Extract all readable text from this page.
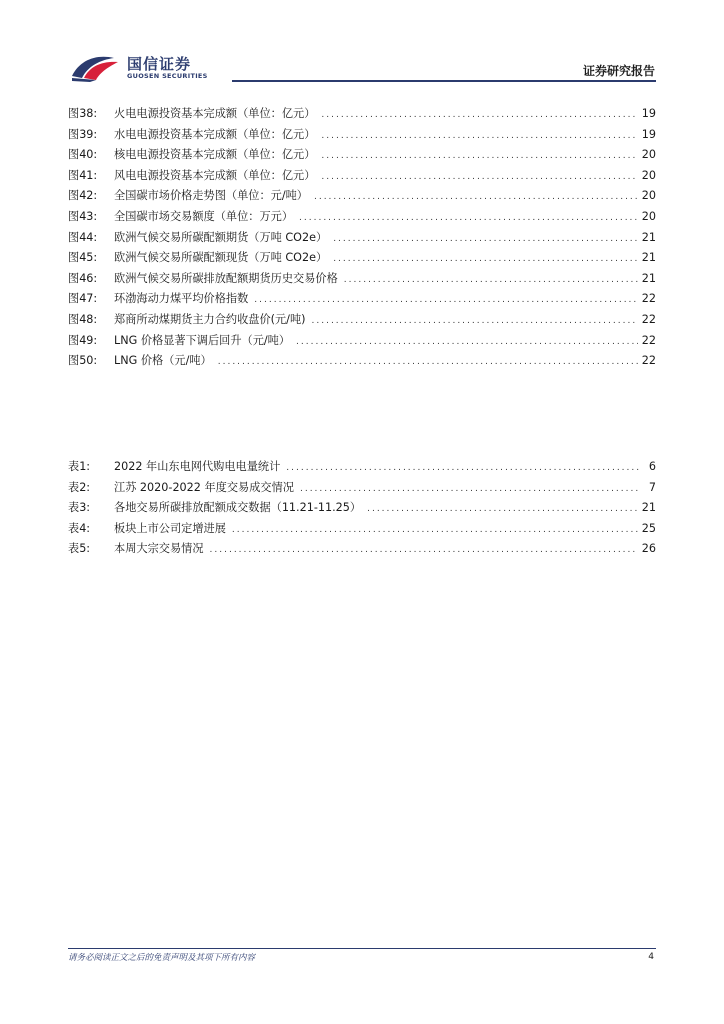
国信证券
GUOSEN SECURITIES	证券研究报告
图38:	火电电源投资基本完成额（单位：亿元） .....	19
图39:	水电电源投资基本完成额（单位：亿元） .....	19
图40:	核电电源投资基本完成额（单位：亿元） .....	20
图41:	风电电源投资基本完成额（单位：亿元） .....	20
图42:	全国碳市场价格走势图（单位：元/吨） .....	20
图43:	全国碳市场交易额度（单位：万元） .....	20
图44:	欧洲气候交易所碳配额期货（万吨 CO2e） .....	21
图45:	欧洲气候交易所碳配额现货（万吨 CO2e） .....	21
图46:	欧洲气候交易所碳排放配额期货历史交易价格 .....	21
图47:	环渤海动力煤平均价格指数 .....	22
图48:	郑商所动煤期货主力合约收盘价(元/吨) .....	22
图49:	LNG 价格显著下调后回升（元/吨） .....	22
图50:	LNG 价格（元/吨） .....	22
表1:	2022 年山东电网代购电电量统计 .....	6
表2:	江苏 2020-2022 年度交易成交情况 .....	7
表3:	各地交易所碳排放配额成交数据（11.21-11.25） .....	21
表4:	板块上市公司定增进展 .....	25
表5:	本周大宗交易情况 .....	26
请务必阅读正文之后的免责声明及其项下所有内容	4
